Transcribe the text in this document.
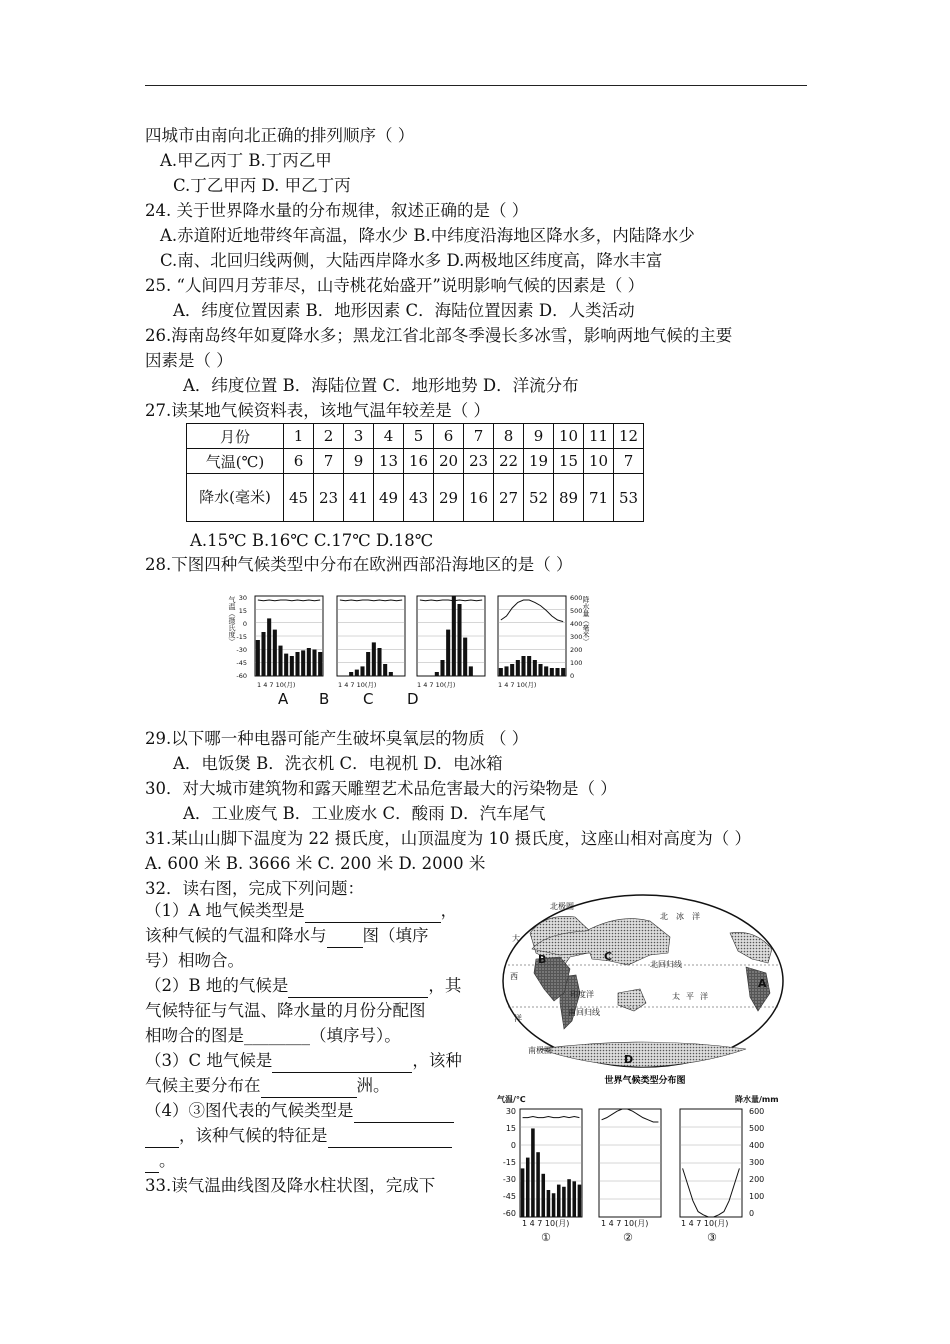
四城市由南向北正确的排列顺序（ ）
A.甲乙丙丁 B.丁丙乙甲
C.丁乙甲丙 D. 甲乙丁丙
24. 关于世界降水量的分布规律，叙述正确的是（ ）
A.赤道附近地带终年高温，降水少 B.中纬度沿海地区降水多，内陆降水少
C.南、北回归线两侧，大陆西岸降水多 D.两极地区纬度高，降水丰富
25. “人间四月芳菲尽，山寺桃花始盛开”说明影响气候的因素是（ ）
A．纬度位置因素 B．地形因素 C．海陆位置因素 D．人类活动
26.海南岛终年如夏降水多；黑龙江省北部冬季漫长多冰雪，影响两地气候的主要
因素是（ ）
A．纬度位置 B．海陆位置 C．地形地势 D．洋流分布
27.读某地气候资料表，该地气温年较差是（ ）
月份	1	2	3	4	5	6	7	8	9	10	11	12
气温(℃)	6	7	9	13	16	20	23	22	19	15	10	7
降水(毫米)	45	23	41	49	43	29	16	27	52	89	71	53
A.15℃ B.16℃ C.17℃ D.18℃
28.下图四种气候类型中分布在欧洲西部沿海地区的是（ ）
气温（摄氏度） 30
15
0
-15
-30
-45
-60
600
500
400
300
200
100
0
降水量（毫米）
1 4 7 10(月)	1 4 7 10(月)	1 4 7 10(月)	1 4 7 10(月)
A B C D
29.以下哪一种电器可能产生破坏臭氧层的物质 （ ）
A．电饭煲 B．洗衣机 C．电视机 D．电冰箱
30．对大城市建筑物和露天雕塑艺术品危害最大的污染物是（ ）
A．工业废气 B．工业废水 C．酸雨 D．汽车尾气
31.某山山脚下温度为 22 摄氏度，山顶温度为 10 摄氏度，这座山相对高度为（ ）
A. 600 米 B. 3666 米 C. 200 米 D. 2000 米
32．读右图，完成下列问题：

（1）A 地气候类型是	，

该种气候的气温和降水与 图（填序

号）相吻合。

（2）B 地的气候是	，其

气候特征与气温、降水量的月份分配图

相吻合的图是________（填序号）。

（3）C 地气候是	，该种

气候主要分布在	洲。

（4）③图代表的气候类型是

，该种气候的特征是

。

33.读气温曲线图及降水柱状图，完成下

北冰洋
北极圈
大
西
洋
印度洋
南回归线
北回归线
太平洋
南极圈
A
B	C
D
世界气候类型分布图
气温/℃	降水量/mm
30
15
0
-15
-30
-45
-60
600
500
400
300
200
100
0
1 4 7 10(月)	1 4 7 10(月)	1 4 7 10(月)
①	②	③
